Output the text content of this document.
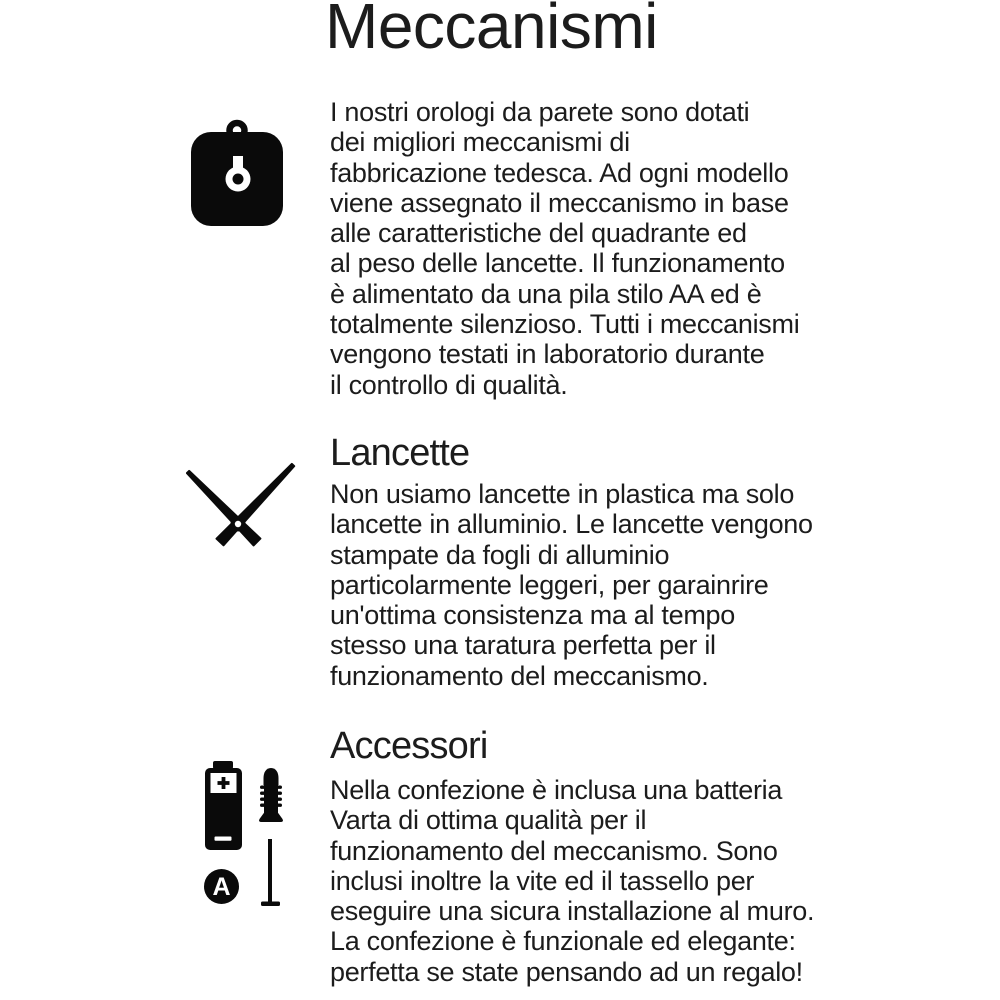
Meccanismi
I nostri orologi da parete sono dotati
dei migliori meccanismi di
fabbricazione tedesca. Ad ogni modello
viene assegnato il meccanismo in base
alle caratteristiche del quadrante ed
al peso delle lancette. Il funzionamento
è alimentato da una pila stilo AA ed è
totalmente silenzioso. Tutti i meccanismi
vengono testati in laboratorio durante
il controllo di qualità.
Lancette
Non usiamo lancette in plastica ma solo
lancette in alluminio. Le lancette vengono
stampate da fogli di alluminio
particolarmente leggeri, per garainrire
un'ottima consistenza ma al tempo
stesso una taratura perfetta per il
funzionamento del meccanismo.
A
Accessori
Nella confezione è inclusa una batteria
Varta di ottima qualità per il
funzionamento del meccanismo. Sono
inclusi inoltre la vite ed il tassello per
eseguire una sicura installazione al muro.
La confezione è funzionale ed elegante:
perfetta se state pensando ad un regalo!
